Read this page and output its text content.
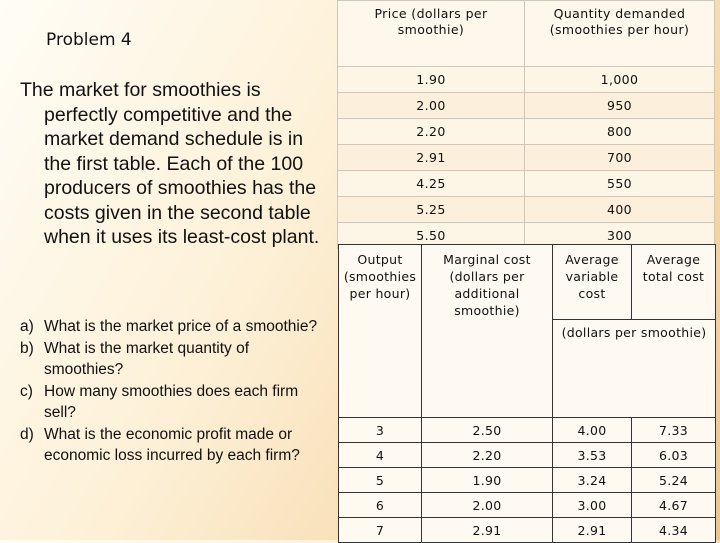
Problem 4
The market for smoothies is
perfectly competitive and the market demand schedule is in the first table. Each of the 100 producers of smoothies has the costs given in the second table when it uses its least-cost plant.
a) What is the market price of a smoothie?
b) What is the market quantity of smoothies?
c) How many smoothies does each firm sell?
d) What is the economic profit made or economic loss incurred by each firm?
Price (dollars per smoothie)	Quantity demanded (smoothies per hour)
1.90	1,000
2.00	950
2.20	800
2.91	700
4.25	550
5.25	400
5.50	300
Output (smoothies per hour)	Marginal cost (dollars per additional smoothie)	Average variable cost	Average total cost
		(dollars per smoothie)	
3	2.50	4.00	7.33
4	2.20	3.53	6.03
5	1.90	3.24	5.24
6	2.00	3.00	4.67
7	2.91	2.91	4.34
